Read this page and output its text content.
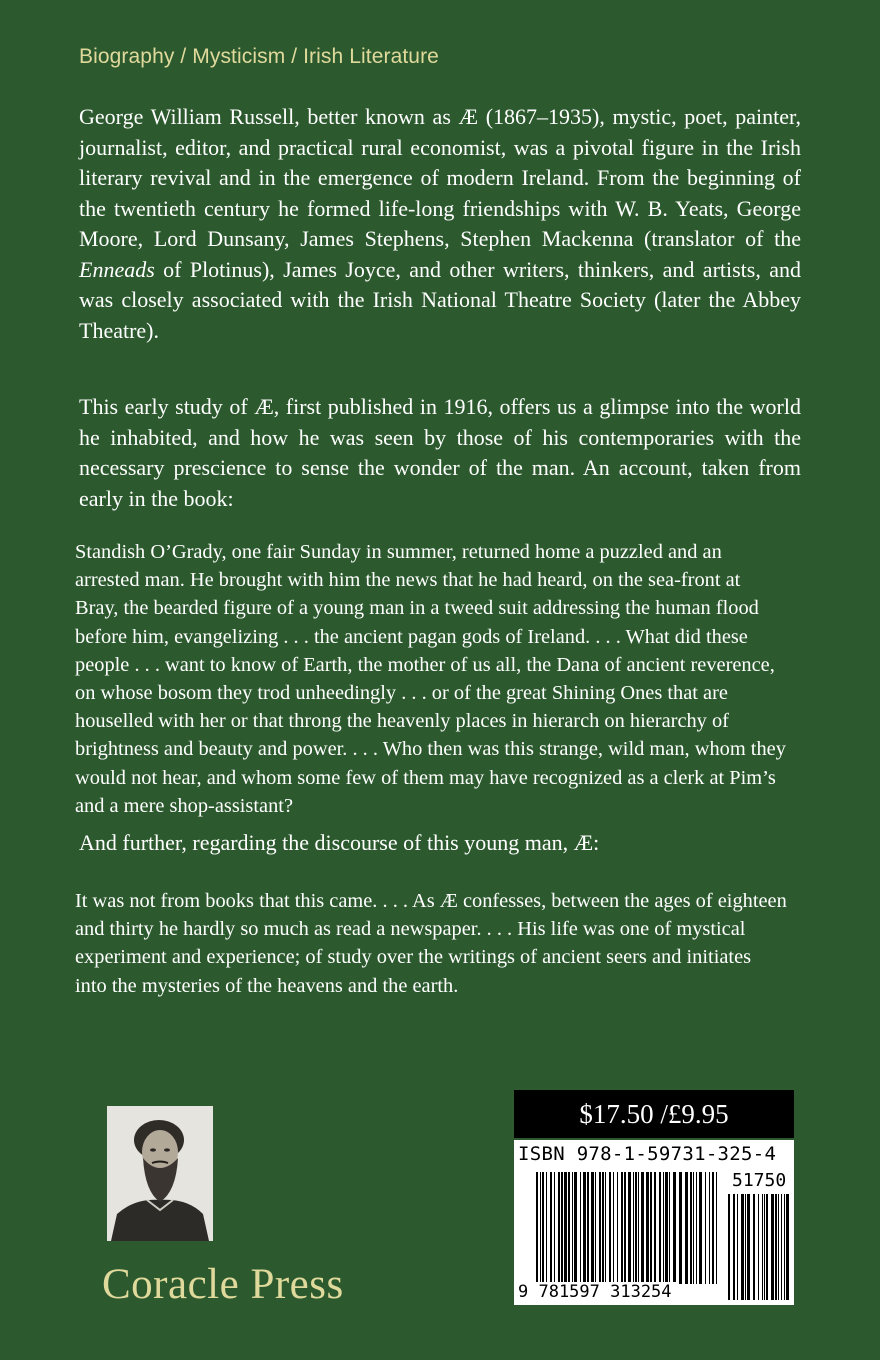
Biography / Mysticism / Irish Literature

George William Russell, better known as Æ (1867–1935), mystic, poet, painter, journalist, editor, and practical rural economist, was a pivotal figure in the Irish literary revival and in the emergence of modern Ireland. From the beginning of the twentieth century he formed life-long friendships with W. B. Yeats, George Moore, Lord Dunsany, James Stephens, Stephen Mackenna (translator of the Enneads of Plotinus), James Joyce, and other writers, thinkers, and artists, and was closely associated with the Irish National Theatre Society (later the Abbey Theatre).

This early study of Æ, first published in 1916, offers us a glimpse into the world he inhabited, and how he was seen by those of his contemporaries with the necessary prescience to sense the wonder of the man. An account, taken from early in the book:

Standish O’Grady, one fair Sunday in summer, returned home a puzzled and an arrested man. He brought with him the news that he had heard, on the sea-front at Bray, the bearded figure of a young man in a tweed suit addressing the human flood before him, evangelizing . . . the ancient pagan gods of Ireland. . . . What did these people . . . want to know of Earth, the mother of us all, the Dana of ancient reverence, on whose bosom they trod unheedingly . . . or of the great Shining Ones that are houselled with her or that throng the heavenly places in hierarch on hierarchy of brightness and beauty and power. . . . Who then was this strange, wild man, whom they would not hear, and whom some few of them may have recognized as a clerk at Pim’s and a mere shop-assistant?

And further, regarding the discourse of this young man, Æ:

It was not from books that this came. . . . As Æ confesses, between the ages of eighteen and thirty he hardly so much as read a newspaper. . . . His life was one of mystical experiment and experience; of study over the writings of ancient seers and initiates into the mysteries of the heavens and the earth.

Coracle Press
$17.50 /£9.95
ISBN 978-1-59731-325-4
51750
9 781597 313254
